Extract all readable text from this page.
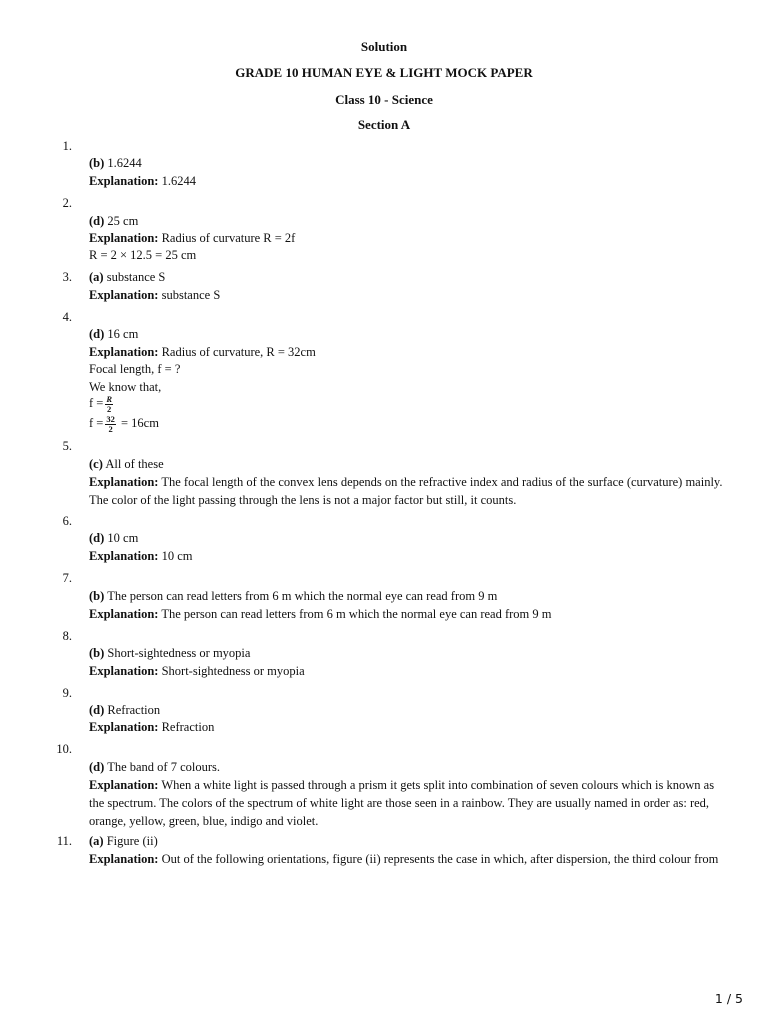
Solution
GRADE 10 HUMAN EYE & LIGHT MOCK PAPER
Class 10 - Science
Section A
1.
(b) 1.6244
Explanation: 1.6244
2.
(d) 25 cm
Explanation: Radius of curvature R = 2f
R = 2 × 12.5 = 25 cm
3. (a) substance S
Explanation: substance S
4.
(d) 16 cm
Explanation: Radius of curvature, R = 32cm
Focal length, f = ?
We know that,
$f = \frac{R}{2}$
$f = \frac{32}{2} = 16cm$
5.
(c) All of these
Explanation: The focal length of the convex lens depends on the refractive index and radius of the surface (curvature) mainly. The color of the light passing through the lens is not a major factor but still, it counts.
6.
(d) 10 cm
Explanation: 10 cm
7.
(b) The person can read letters from 6 m which the normal eye can read from 9 m
Explanation: The person can read letters from 6 m which the normal eye can read from 9 m
8.
(b) Short-sightedness or myopia
Explanation: Short-sightedness or myopia
9.
(d) Refraction
Explanation: Refraction
10.
(d) The band of 7 colours.
Explanation: When a white light is passed through a prism it gets split into combination of seven colours which is known as the spectrum. The colors of the spectrum of white light are those seen in a rainbow. They are usually named in order as: red, orange, yellow, green, blue, indigo and violet.
11. (a) Figure (ii)
Explanation: Out of the following orientations, figure (ii) represents the case in which, after dispersion, the third colour from
1 / 5
